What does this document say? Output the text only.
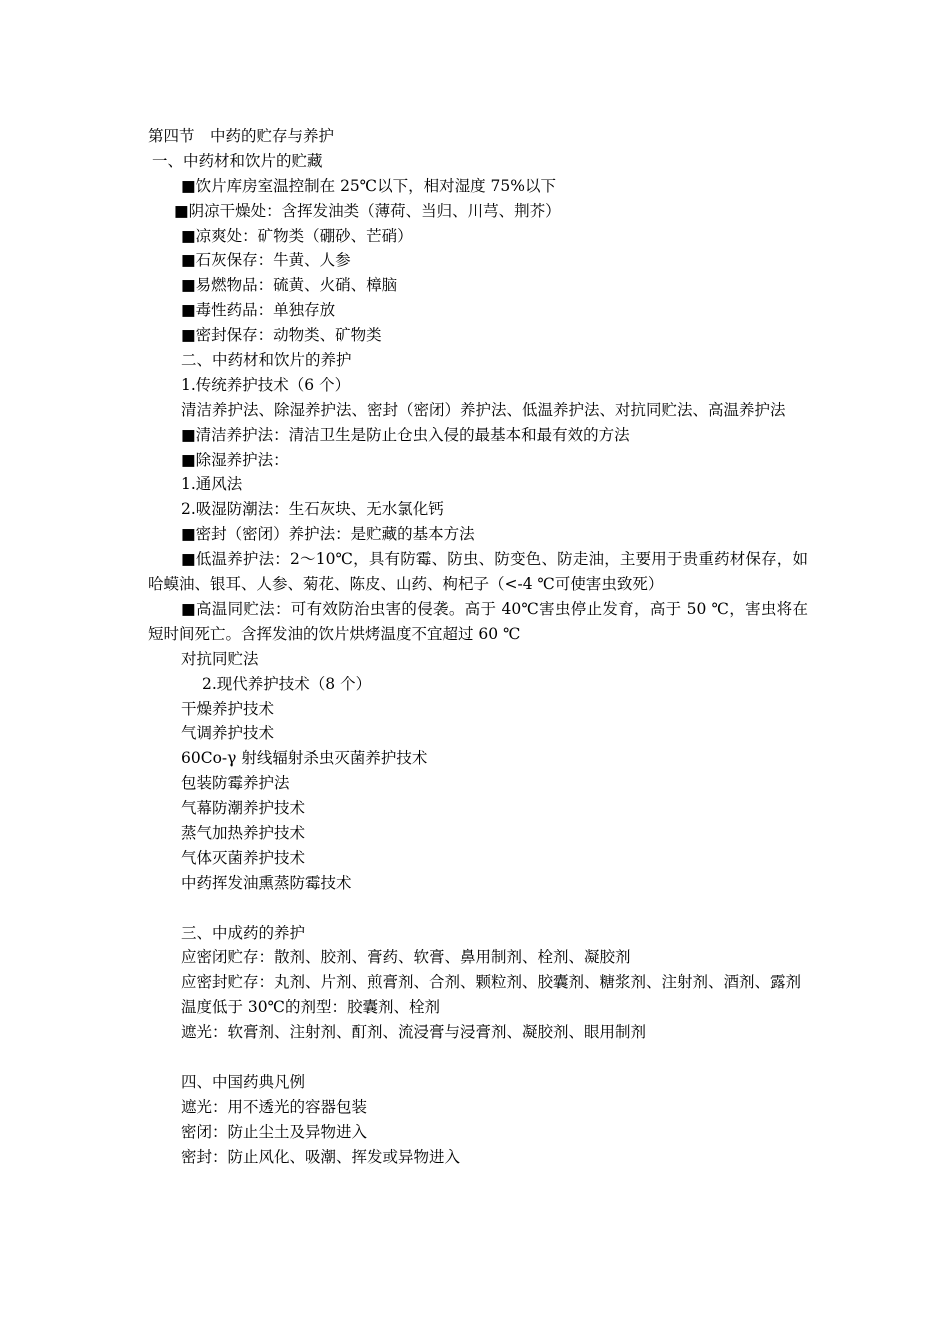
第四节　中药的贮存与养护
一、中药材和饮片的贮藏
■饮片库房室温控制在 25℃以下，相对湿度 75%以下
■阴凉干燥处：含挥发油类（薄荷、当归、川芎、荆芥）
■凉爽处：矿物类（硼砂、芒硝）
■石灰保存：牛黄、人参
■易燃物品：硫黄、火硝、樟脑
■毒性药品：单独存放
■密封保存：动物类、矿物类
二、中药材和饮片的养护
1.传统养护技术（6 个）
清洁养护法、除湿养护法、密封（密闭）养护法、低温养护法、对抗同贮法、高温养护法
■清洁养护法：清洁卫生是防止仓虫入侵的最基本和最有效的方法
■除湿养护法：
1.通风法
2.吸湿防潮法：生石灰块、无水氯化钙
■密封（密闭）养护法：是贮藏的基本方法
■低温养护法：2～10℃，具有防霉、防虫、防变色、防走油，主要用于贵重药材保存，如哈蟆油、银耳、人参、菊花、陈皮、山药、枸杞子（<-4 ℃可使害虫致死）
■高温同贮法：可有效防治虫害的侵袭。高于 40℃害虫停止发育，高于 50 ℃，害虫将在短时间死亡。含挥发油的饮片烘烤温度不宜超过 60 ℃
对抗同贮法
2.现代养护技术（8 个）
干燥养护技术
气调养护技术
60Co-γ 射线辐射杀虫灭菌养护技术
包装防霉养护法
气幕防潮养护技术
蒸气加热养护技术
气体灭菌养护技术
中药挥发油熏蒸防霉技术
三、中成药的养护
应密闭贮存：散剂、胶剂、膏药、软膏、鼻用制剂、栓剂、凝胶剂
应密封贮存：丸剂、片剂、煎膏剂、合剂、颗粒剂、胶囊剂、糖浆剂、注射剂、酒剂、露剂
温度低于 30℃的剂型：胶囊剂、栓剂
遮光：软膏剂、注射剂、酊剂、流浸膏与浸膏剂、凝胶剂、眼用制剂
四、中国药典凡例
遮光：用不透光的容器包装
密闭：防止尘土及异物进入
密封：防止风化、吸潮、挥发或异物进入
